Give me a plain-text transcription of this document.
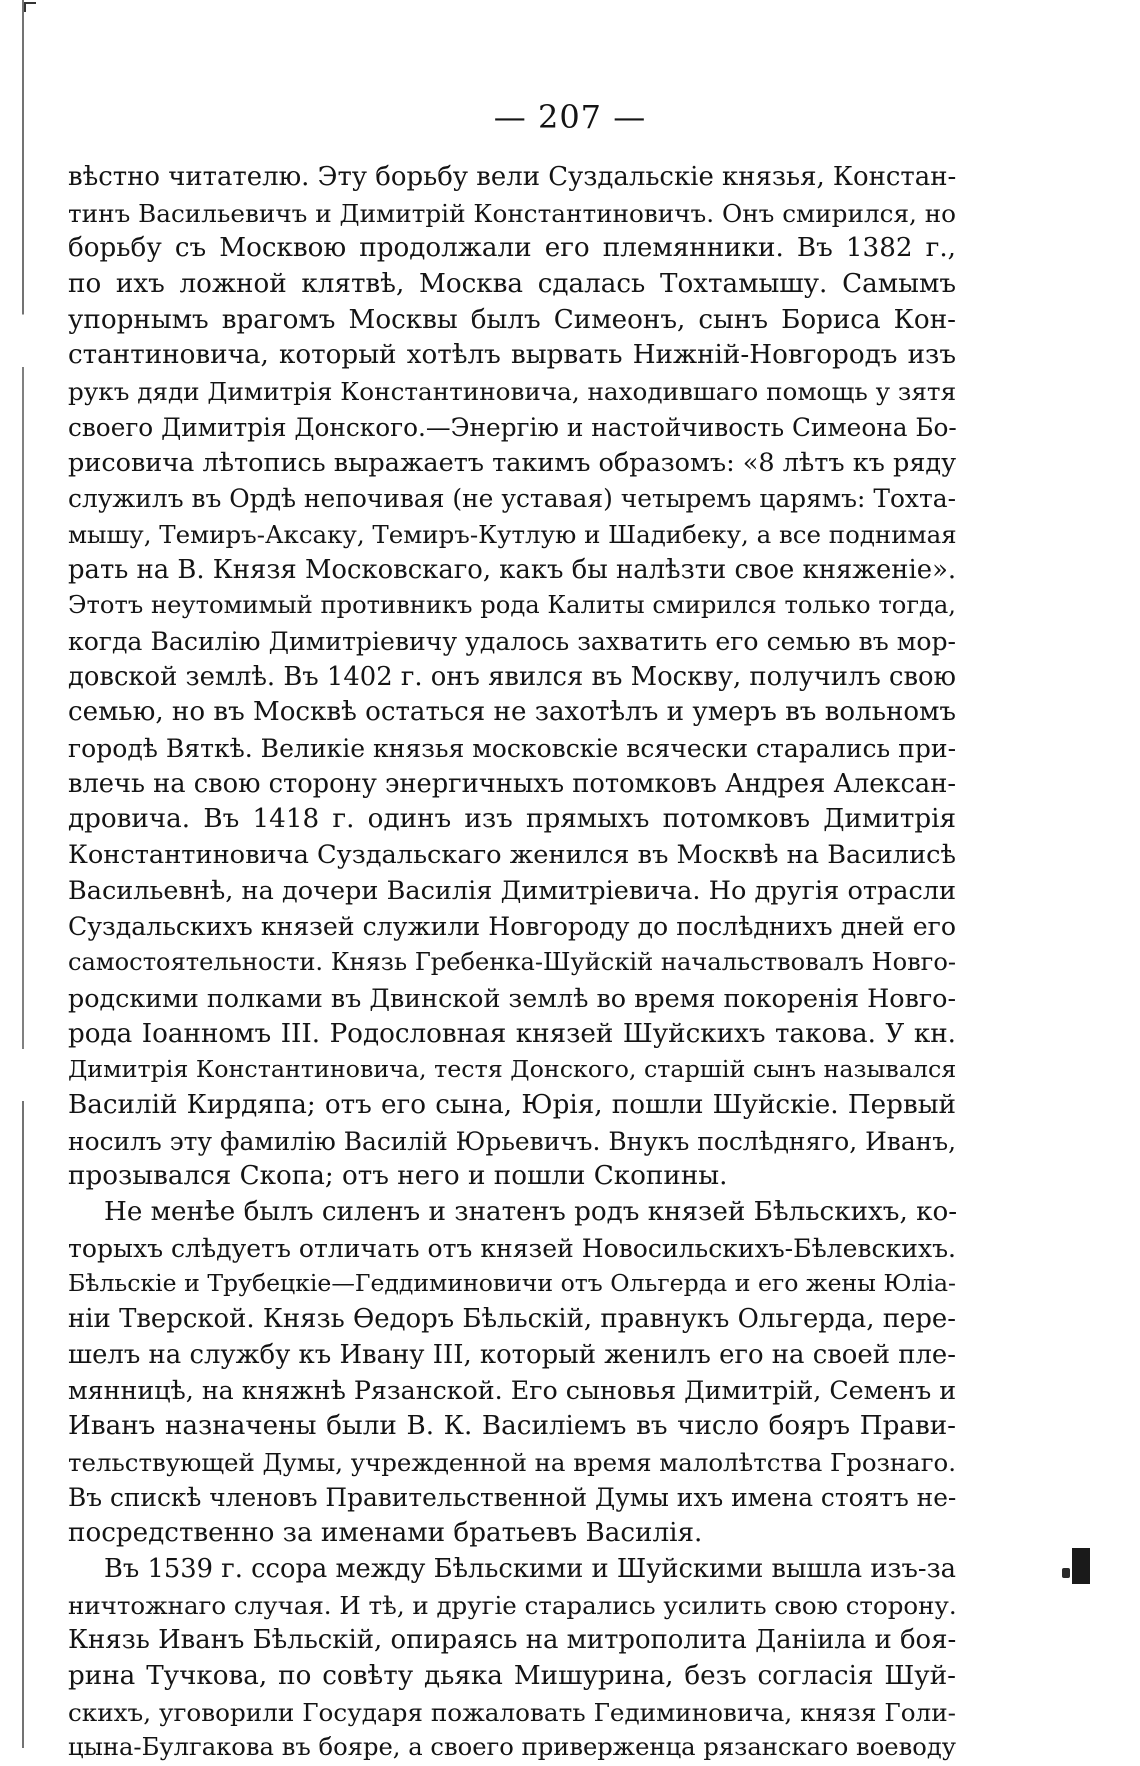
— 207 —
вѣстно читателю. Эту борьбу вели Суздальскіе князья, Констан-
тинъ Васильевичъ и Димитрій Константиновичъ. Онъ смирился, но
борьбу съ Москвою продолжали его племянники. Въ 1382 г.,
по ихъ ложной клятвѣ, Москва сдалась Тохтамышу. Самымъ
упорнымъ врагомъ Москвы былъ Симеонъ, сынъ Бориса Кон-
стантиновича, который хотѣлъ вырвать Нижній-Новгородъ изъ
рукъ дяди Димитрія Константиновича, находившаго помощь у зятя
своего Димитрія Донского.—Энергію и настойчивость Симеона Бо-
рисовича лѣтопись выражаетъ такимъ образомъ: «8 лѣтъ къ ряду
служилъ въ Ордѣ непочивая (не уставая) четыремъ царямъ: Тохта-
мышу, Темиръ-Аксаку, Темиръ-Кутлую и Шадибеку, а все поднимая
рать на В. Князя Московскаго, какъ бы налѣзти свое княженіе».
Этотъ неутомимый противникъ рода Калиты смирился только тогда,
когда Василію Димитріевичу удалось захватить его семью въ мор-
довской землѣ. Въ 1402 г. онъ явился въ Москву, получилъ свою
семью, но въ Москвѣ остаться не захотѣлъ и умеръ въ вольномъ
городѣ Вяткѣ. Великіе князья московскіе всячески старались при-
влечь на свою сторону энергичныхъ потомковъ Андрея Алексан-
дровича. Въ 1418 г. одинъ изъ прямыхъ потомковъ Димитрія
Константиновича Суздальскаго женился въ Москвѣ на Василисѣ
Васильевнѣ, на дочери Василія Димитріевича. Но другія отрасли
Суздальскихъ князей служили Новгороду до послѣднихъ дней его
самостоятельности. Князь Гребенка-Шуйскій начальствовалъ Новго-
родскими полками въ Двинской землѣ во время покоренія Новго-
рода Іоанномъ III. Родословная князей Шуйскихъ такова. У кн.
Димитрія Константиновича, тестя Донского, старшій сынъ назывался
Василій Кирдяпа; отъ его сына, Юрія, пошли Шуйскіе. Первый
носилъ эту фамилію Василій Юрьевичъ. Внукъ послѣдняго, Иванъ,
прозывался Скопа; отъ него и пошли Скопины.
Не менѣе былъ силенъ и знатенъ родъ князей Бѣльскихъ, ко-
торыхъ слѣдуетъ отличать отъ князей Новосильскихъ-Бѣлевскихъ.
Бѣльскіе и Трубецкіе—Геддиминовичи отъ Ольгерда и его жены Юліа-
ніи Тверской. Князь Ѳедоръ Бѣльскій, правнукъ Ольгерда, пере-
шелъ на службу къ Ивану III, который женилъ его на своей пле-
мянницѣ, на княжнѣ Рязанской. Его сыновья Димитрій, Семенъ и
Иванъ назначены были В. К. Василіемъ въ число бояръ Прави-
тельствующей Думы, учрежденной на время малолѣтства Грознаго.
Въ спискѣ членовъ Правительственной Думы ихъ имена стоятъ не-
посредственно за именами братьевъ Василія.
Въ 1539 г. ссора между Бѣльскими и Шуйскими вышла изъ-за
ничтожнаго случая. И тѣ, и другіе старались усилить свою сторону.
Князь Иванъ Бѣльскій, опираясь на митрополита Даніила и боя-
рина Тучкова, по совѣту дьяка Мишурина, безъ согласія Шуй-
скихъ, уговорили Государя пожаловать Гедиминовича, князя Голи-
цына-Булгакова въ бояре, а своего приверженца рязанскаго воеводу
